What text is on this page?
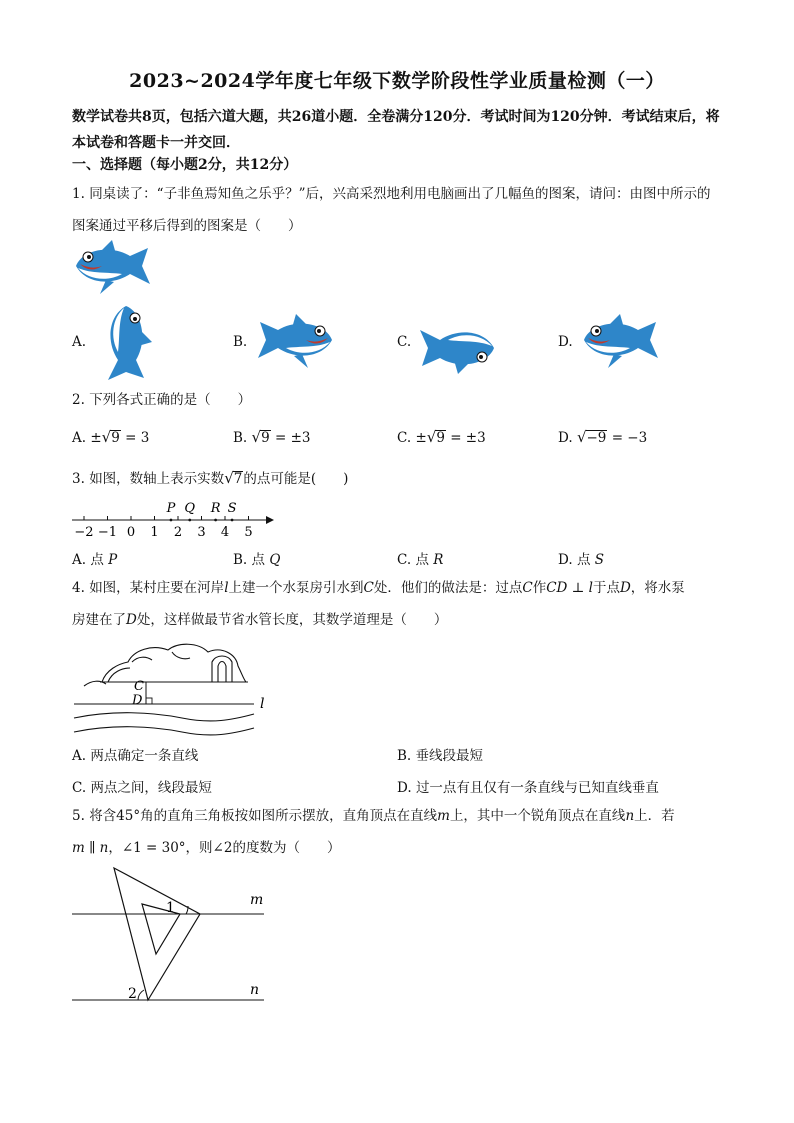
2023~2024学年度七年级下数学阶段性学业质量检测（一）
数学试卷共8页，包括六道大题，共26道小题．全卷满分120分．考试时间为120分钟．考试结束后，将本试卷和答题卡一并交回．
一、选择题（每小题2分，共12分）
1. 同桌读了：“子非鱼焉知鱼之乐乎？”后，兴高采烈地利用电脑画出了几幅鱼的图案，请问：由图中所示的图案通过平移后得到的图案是（　　）
A.	B.	C.	D.
2. 下列各式正确的是（　　）
A. ±√9 = 3	B. √9 = ±3	C. ±√9 = ±3	D. √−9 = −3
3. 如图，数轴上表示实数√7的点可能是(　　)
−2 −1 0 1 2 3 4 5
P Q R S
A. 点 P	B. 点 Q	C. 点 R	D. 点 S
4. 如图，某村庄要在河岸l上建一个水泵房引水到C处．他们的做法是：过点C作CD ⊥ l于点D，将水泵
房建在了D处，这样做最节省水管长度，其数学道理是（　　）
C
D	l
A. 两点确定一条直线	B. 垂线段最短
C. 两点之间，线段最短	D. 过一点有且仅有一条直线与已知直线垂直
5. 将含45°角的直角三角板按如图所示摆放，直角顶点在直线m上，其中一个锐角顶点在直线n上．若
m ∥ n，∠1 = 30°，则∠2的度数为（　　）
1
2
m
n
